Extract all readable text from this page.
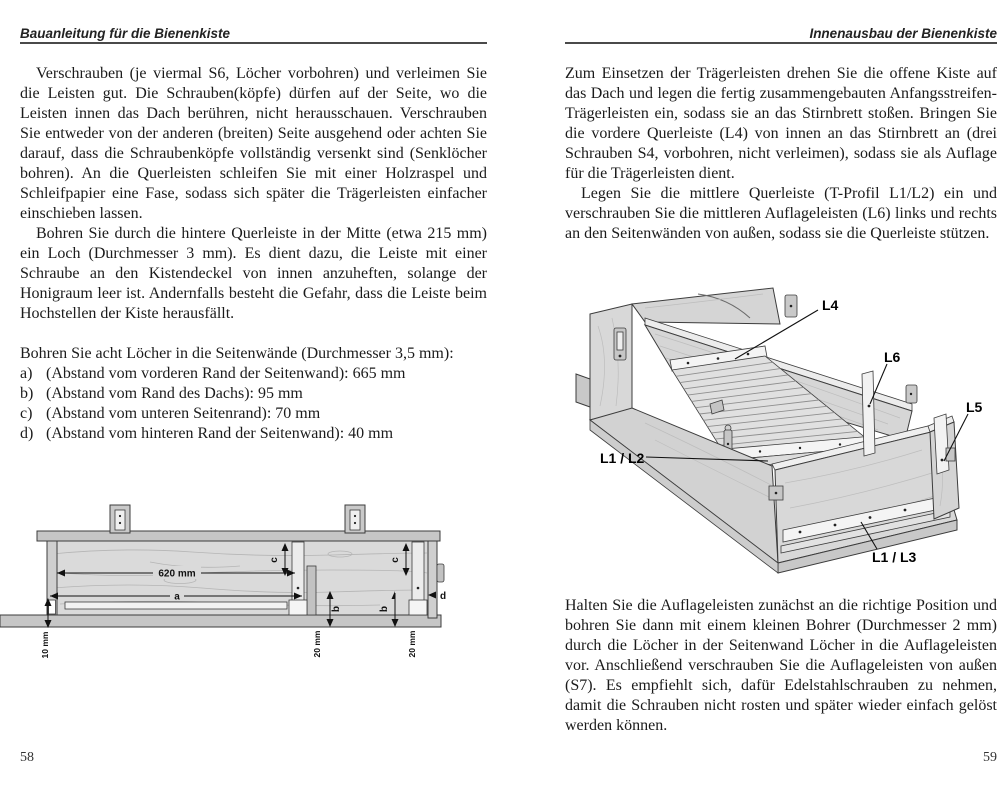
Bauanleitung für die Bienenkiste

Verschrauben (je viermal S6, Löcher vorbohren) und verleimen Sie die Leisten gut. Die Schrauben(köpfe) dürfen auf der Seite, wo die Leisten innen das Dach berühren, nicht herausschauen. Verschrauben Sie entweder von der anderen (breiten) Seite ausgehend oder achten Sie darauf, dass die Schraubenköpfe vollständig versenkt sind (Senklöcher bohren). An die Querleisten schleifen Sie mit einer Holzraspel und Schleifpapier eine Fase, sodass sich später die Trägerleisten einfacher einschieben lassen.

Bohren Sie durch die hintere Querleiste in der Mitte (etwa 215 mm) ein Loch (Durchmesser 3 mm). Es dient dazu, die Leiste mit einer Schraube an den Kistendeckel von innen anzuheften, solange der Honigraum leer ist. Andernfalls besteht die Gefahr, dass die Leiste beim Hochstellen der Kiste herausfällt.

Bohren Sie acht Löcher in die Seitenwände (Durchmesser 3,5 mm):

a) (Abstand vom vorderen Rand der Seitenwand): 665 mm
b) (Abstand vom Rand des Dachs): 95 mm
c) (Abstand vom unteren Seitenrand): 70 mm
d) (Abstand vom hinteren Rand der Seitenwand): 40 mm
620 mm
a
c	c
b	b
10 mm	20 mm	20 mm
d
58
Innenausbau der Bienenkiste

Zum Einsetzen der Trägerleisten drehen Sie die offene Kiste auf das Dach und legen die fertig zusammengebauten Anfangsstreifen-Trägerleisten ein, sodass sie an das Stirnbrett stoßen. Bringen Sie die vordere Querleiste (L4) von innen an das Stirnbrett an (drei Schrauben S4, vorbohren, nicht verleimen), sodass sie als Auflage für die Trägerleisten dient.

Legen Sie die mittlere Querleiste (T-Profil L1/L2) ein und verschrauben Sie die mittleren Auflageleisten (L6) links und rechts an den Seitenwänden von außen, sodass sie die Querleiste stützen.

L4
L6
L5
L1 / L2
L1 / L3

Halten Sie die Auflageleisten zunächst an die richtige Position und bohren Sie dann mit einem kleinen Bohrer (Durchmesser 2 mm) durch die Löcher in der Seitenwand Löcher in die Auflageleisten vor. Anschließend verschrauben Sie die Auflageleisten von außen (S7). Es empfiehlt sich, dafür Edelstahlschrauben zu nehmen, damit die Schrauben nicht rosten und später wieder einfach gelöst werden können.

59
